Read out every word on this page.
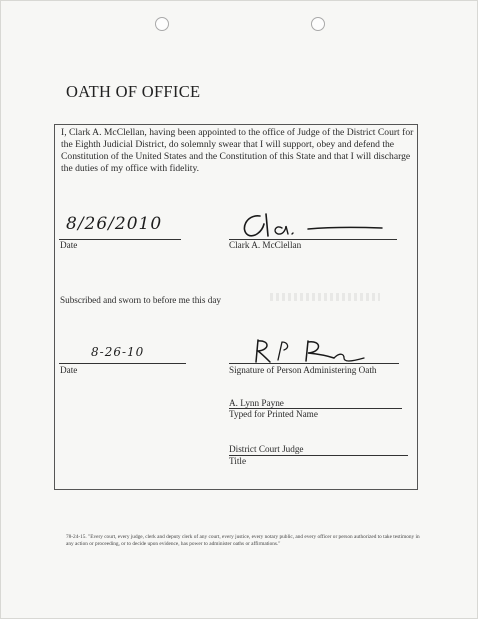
OATH OF OFFICE
I, Clark A. McClellan, having been appointed to the office of Judge of the District Court for the Eighth Judicial District, do solemnly swear that I will support, obey and defend the Constitution of the United States and the Constitution of this State and that I will discharge the duties of my office with fidelity.
8/26/2010
Date	Clark A. McClellan
Subscribed and sworn to before me this day
8-26-10
Date	Signature of Person Administering Oath
A. Lynn Payne
Typed for Printed Name
District Court Judge
Title
78-24-15. "Every court, every judge, clerk and deputy clerk of any court, every justice, every notary public, and every officer or person authorized to take testimony in any action or proceeding, or to decide upon evidence, has power to administer oaths or affirmations."
